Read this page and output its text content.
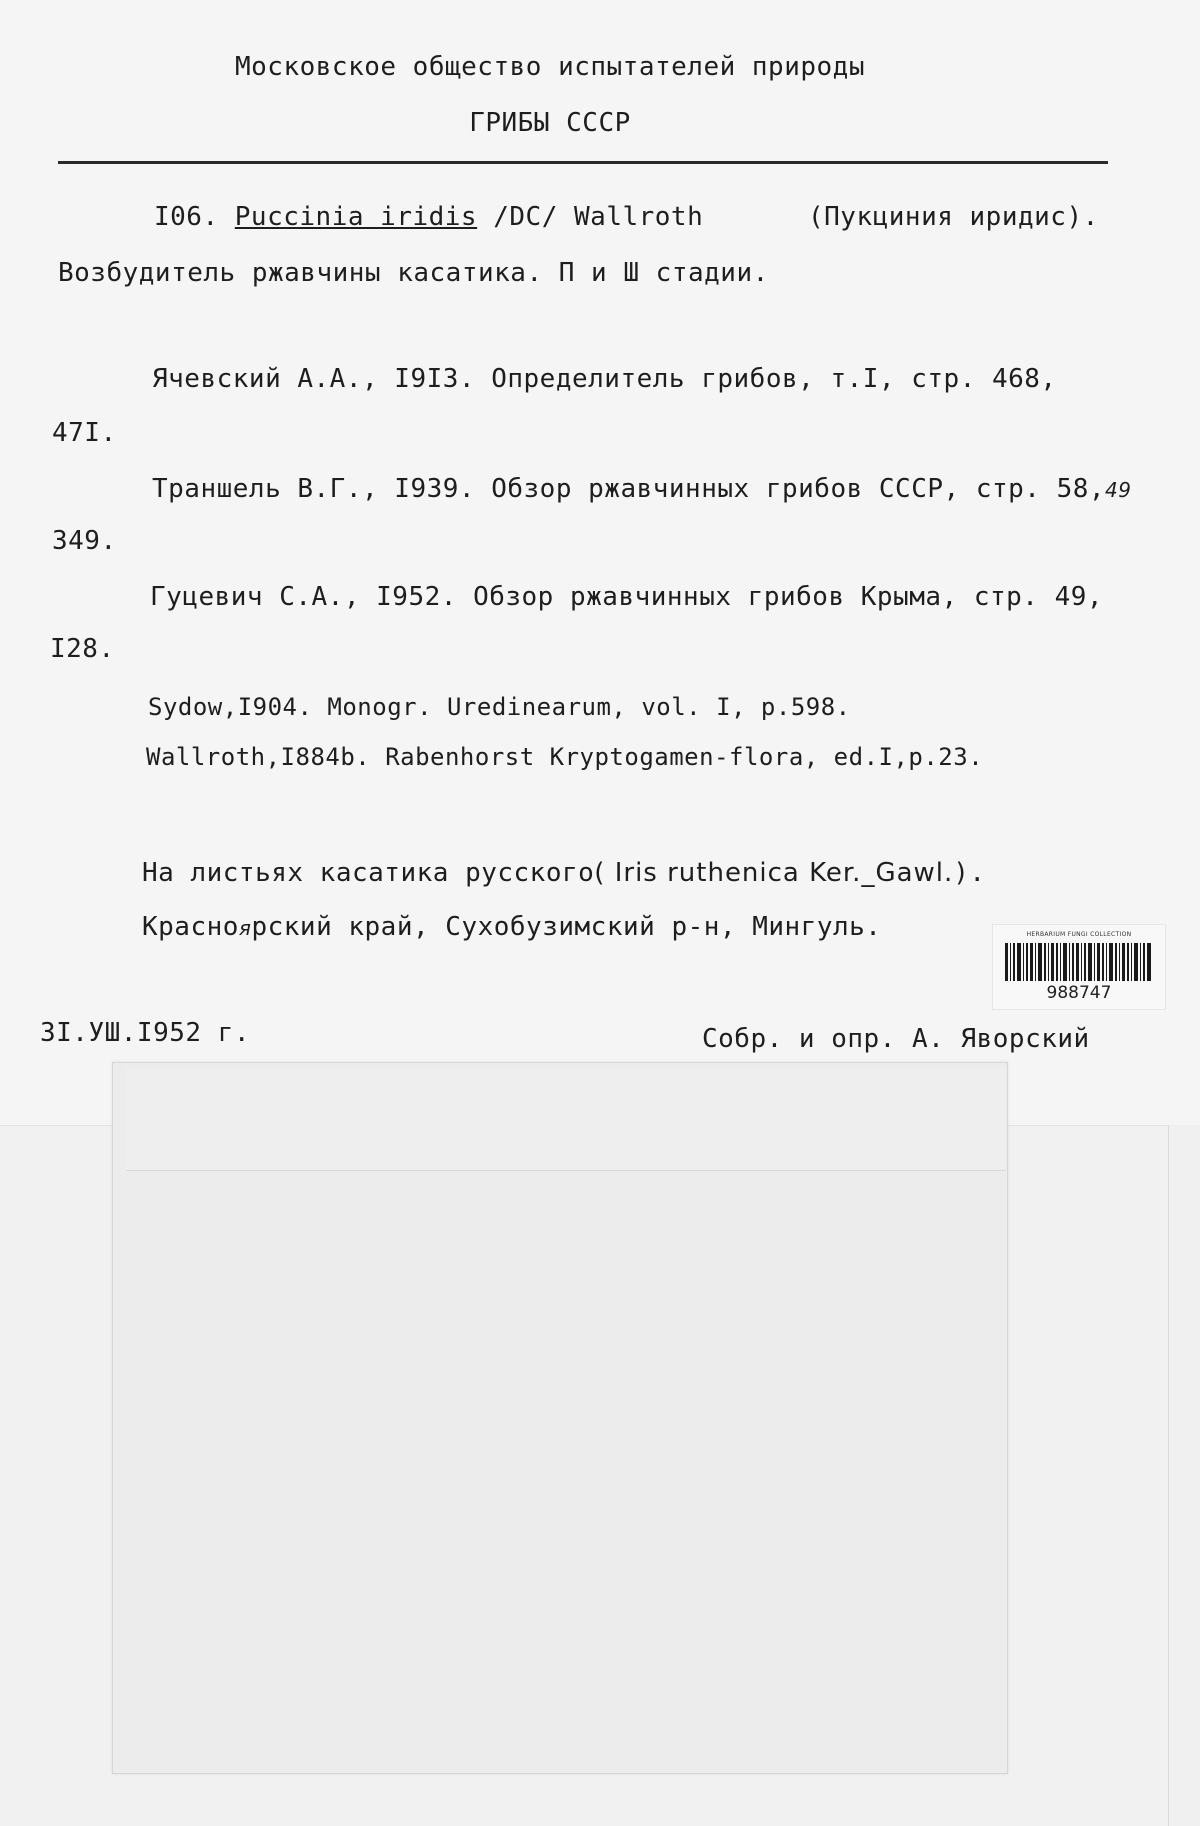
Московское общество испытателей природы
ГРИБЫ СССР
I06. Puccinia iridis /DC/ Wallroth	(Пукциния иридис).
Возбудитель ржавчины касатика. П и Ш стадии.
Ячевский А.А., I9I3. Определитель грибов, т.I, стр. 468,
47I.
Траншель В.Г., I939. Обзор ржавчинных грибов СССР, стр. 58,49
349.
Гуцевич С.А., I952. Обзор ржавчинных грибов Крыма, стр. 49,
I28.
Sydow,I904. Monogr. Uredinearum, vol. I, p.598.
Wallroth,I884b. Rabenhorst Kryptogamen-flora, ed.I,p.23.
На листьях касатика русского( Iris ruthenica Ker._Gawl.).
Красноярский край, Сухобузимский р-н, Мингуль.	HERBARIUM FUNGI COLLECTION
988747
3I.УШ.I952 г.	Собр. и опр. А. Яворский
